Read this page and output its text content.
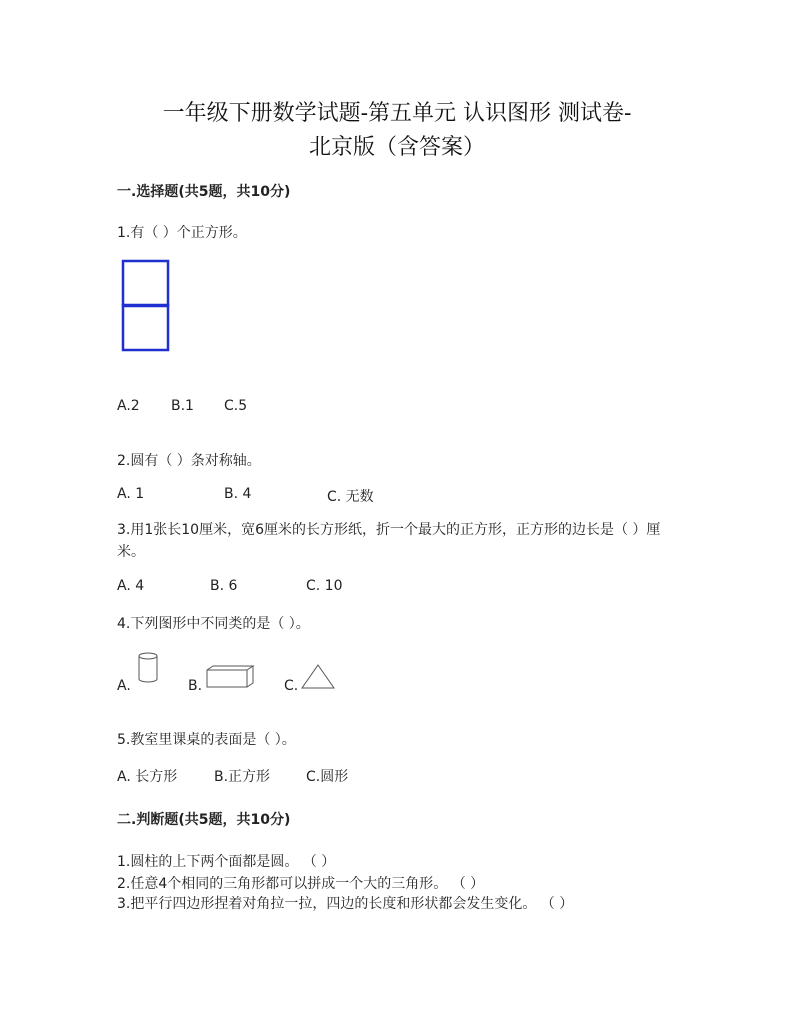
一年级下册数学试题-第五单元 认识图形 测试卷-
北京版（含答案）
一.选择题(共5题，共10分)
1.有（ ）个正方形。
A.2 B.1 C.5
2.圆有（ ）条对称轴。
A. 1	B. 4	C. 无数
3.用1张长10厘米，宽6厘米的长方形纸，折一个最大的正方形，正方形的边长是（ ）厘米。
A. 4	B. 6	C. 10
4.下列图形中不同类的是（ ）。
A.	B.	C.
5.教室里课桌的表面是（ ）。
A. 长方形	B.正方形	C.圆形
二.判断题(共5题，共10分)
1.圆柱的上下两个面都是圆。 （ ）
2.任意4个相同的三角形都可以拼成一个大的三角形。 （ ）
3.把平行四边形捏着对角拉一拉，四边的长度和形状都会发生变化。 （ ）
